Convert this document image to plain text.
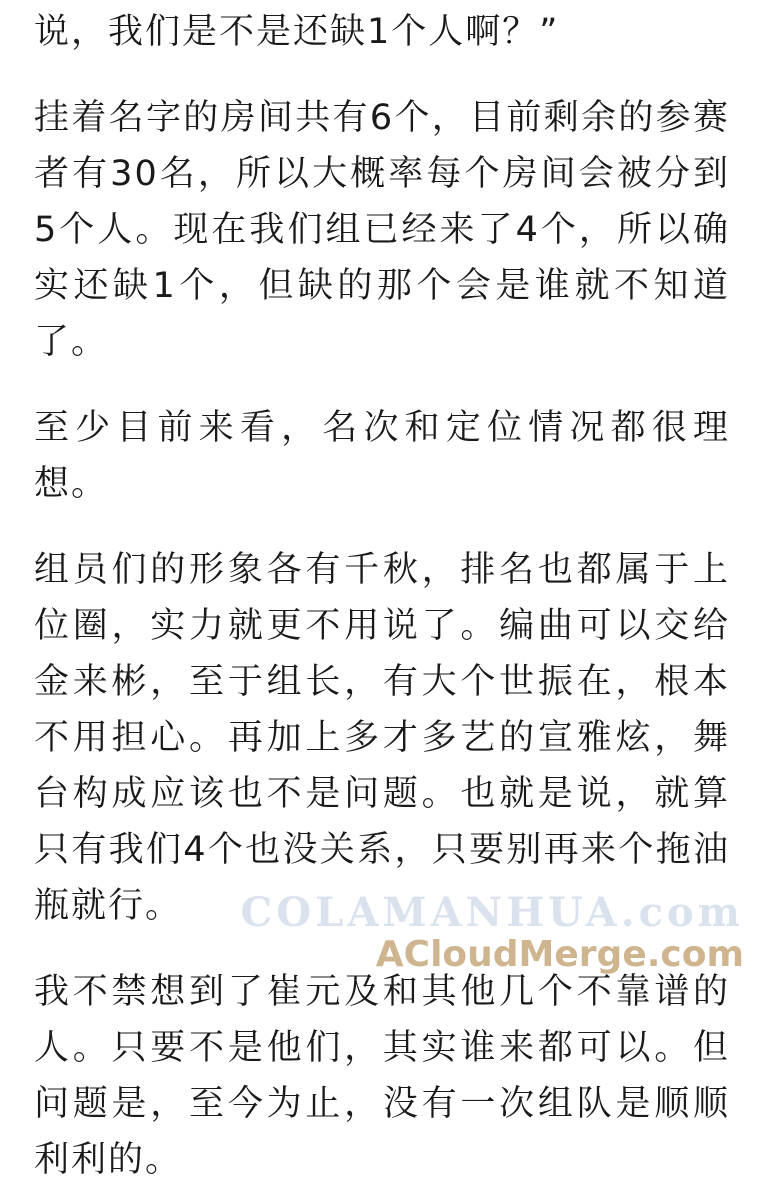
说，我们是不是还缺1个人啊？”

挂着名字的房间共有6个，目前剩余的参赛者有30名，所以大概率每个房间会被分到5个人。现在我们组已经来了4个，所以确实还缺1个，但缺的那个会是谁就不知道了。

至少目前来看，名次和定位情况都很理想。

组员们的形象各有千秋，排名也都属于上位圈，实力就更不用说了。编曲可以交给金来彬，至于组长，有大个世振在，根本不用担心。再加上多才多艺的宣雅炫，舞台构成应该也不是问题。也就是说，就算只有我们4个也没关系，只要别再来个拖油瓶就行。

我不禁想到了崔元及和其他几个不靠谱的人。只要不是他们，其实谁来都可以。但问题是，至今为止，没有一次组队是顺顺利利的。

COLAMANHUA.com
ACloudMerge.com
